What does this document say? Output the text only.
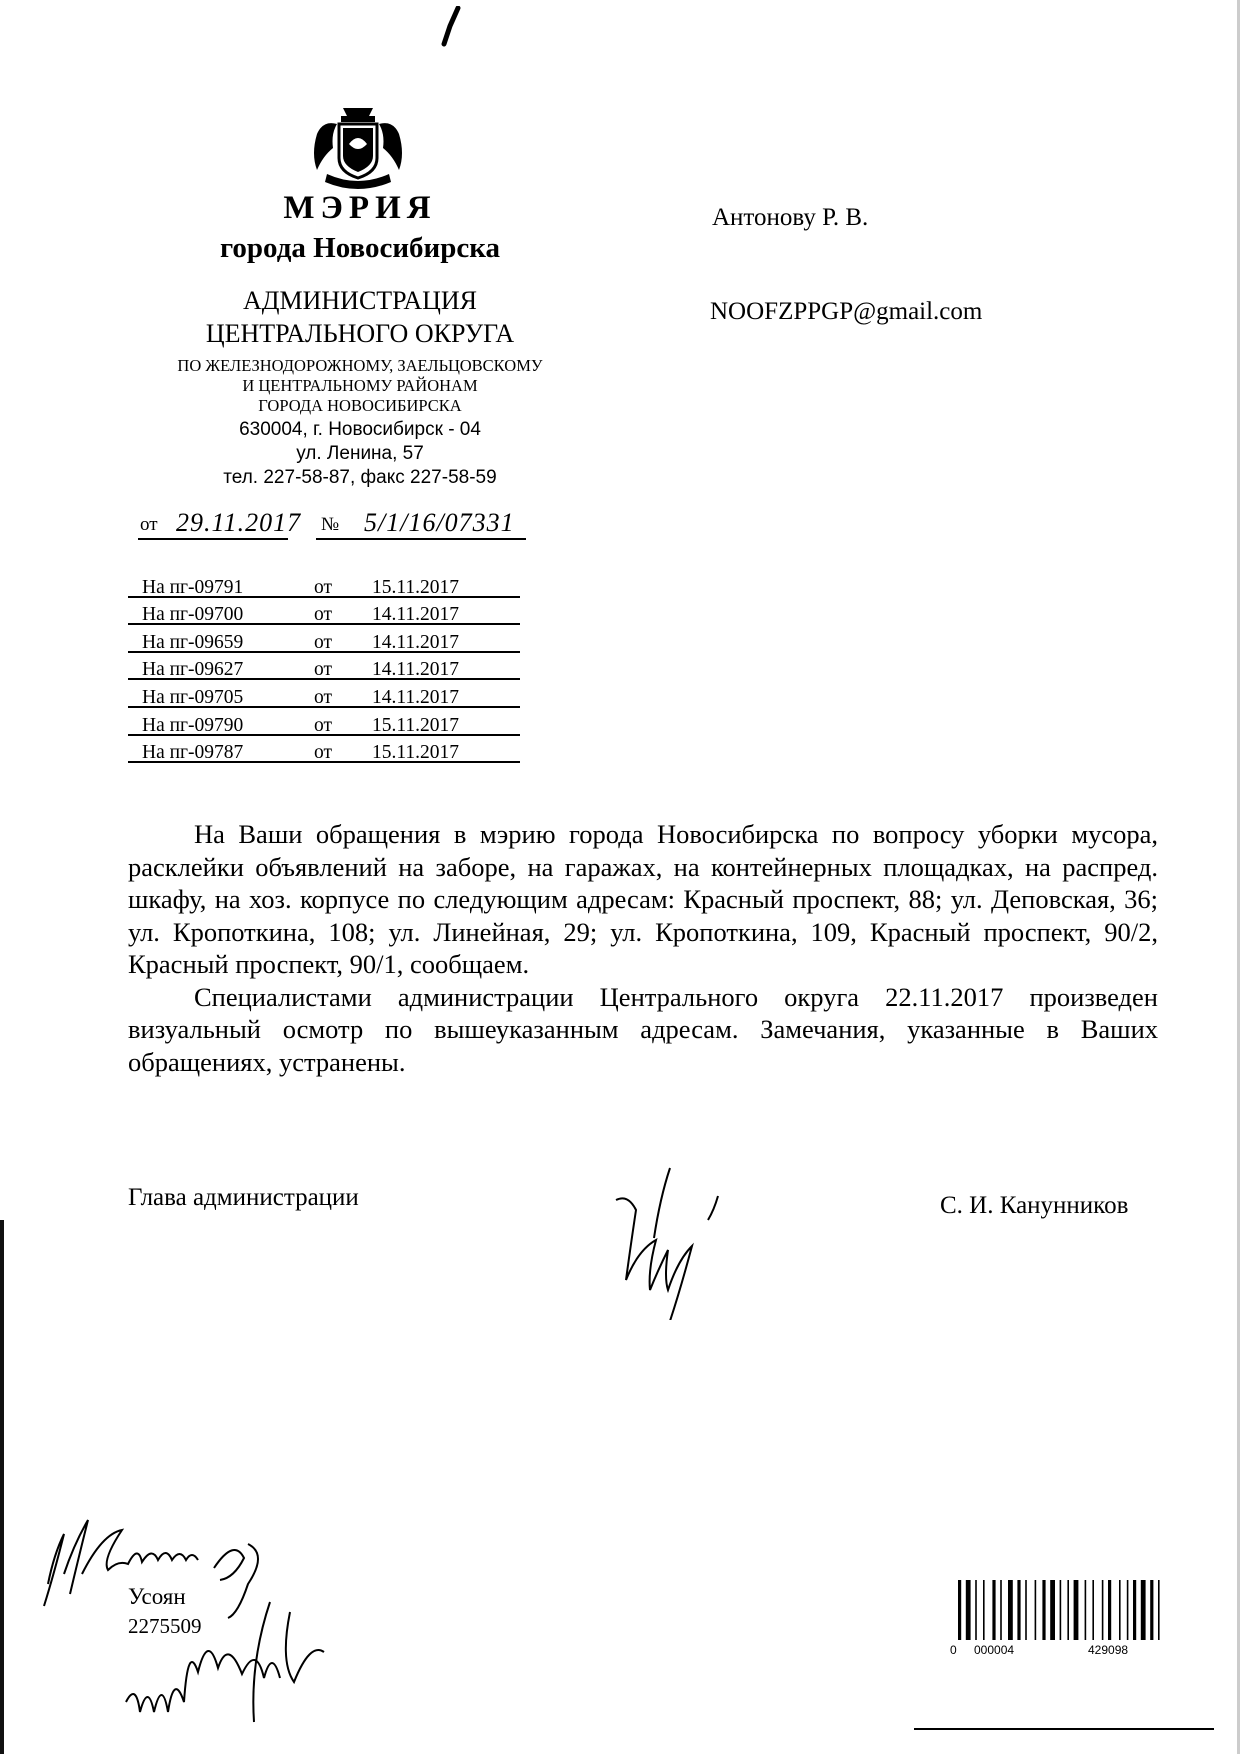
МЭРИЯ
города Новосибирска
АДМИНИСТРАЦИЯ
ЦЕНТРАЛЬНОГО ОКРУГА
ПО ЖЕЛЕЗНОДОРОЖНОМУ, ЗАЕЛЬЦОВСКОМУ
И ЦЕНТРАЛЬНОМУ РАЙОНАМ
ГОРОДА НОВОСИБИРСКА
630004, г. Новосибирск - 04
ул. Ленина, 57
тел. 227-58-87, факс 227-58-59
от 29.11.2017 № 5/1/16/07331
На пг-09791	от 15.11.2017
На пг-09700	от 14.11.2017
На пг-09659	от 14.11.2017
На пг-09627	от 14.11.2017
На пг-09705	от 14.11.2017
На пг-09790	от 15.11.2017
На пг-09787	от 15.11.2017
Антонову Р. В.
NOOFZPPGP@gmail.com

На Ваши обращения в мэрию города Новосибирска по вопросу уборки мусора, расклейки объявлений на заборе, на гаражах, на контейнерных площадках, на распред. шкафу, на хоз. корпусе по следующим адресам: Красный проспект, 88; ул. Деповская, 36; ул. Кропоткина, 108; ул. Линейная, 29; ул. Кропоткина, 109, Красный проспект, 90/2, Красный проспект, 90/1, сообщаем.

Специалистами администрации Центрального округа 22.11.2017 произведен визуальный осмотр по вышеуказанным адресам. Замечания, указанные в Ваших обращениях, устранены.

Глава администрации	С. И. Канунников
Усоян
2275509
0 000004	429098
